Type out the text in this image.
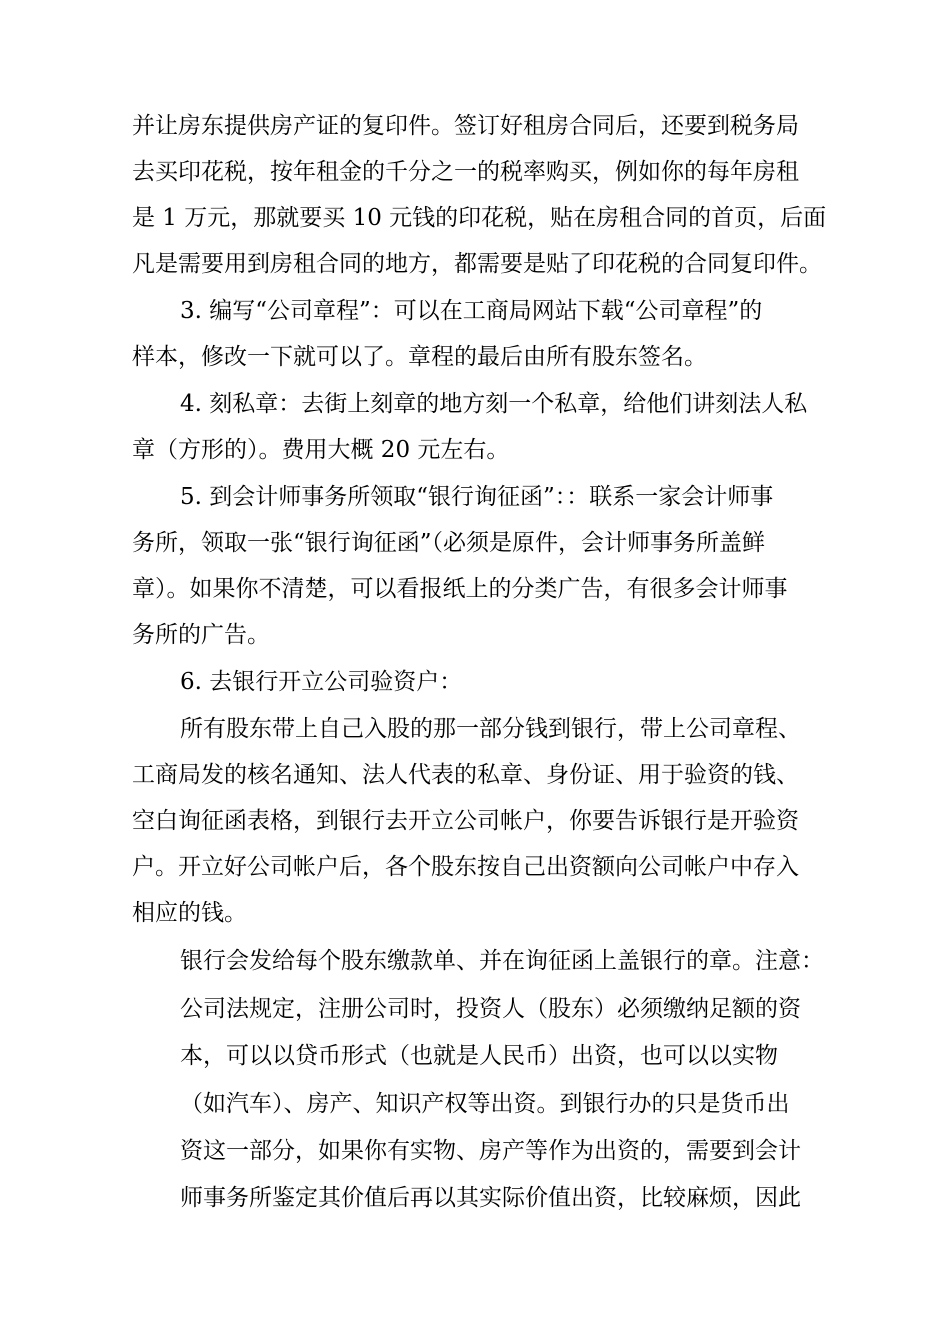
并让房东提供房产证的复印件。签订好租房合同后，还要到税务局
去买印花税，按年租金的千分之一的税率购买，例如你的每年房租
是 1 万元，那就要买 10 元钱的印花税，贴在房租合同的首页，后面
凡是需要用到房租合同的地方，都需要是贴了印花税的合同复印件。
3. 编写“公司章程”：可以在工商局网站下载“公司章程”的
样本，修改一下就可以了。章程的最后由所有股东签名。
4. 刻私章：去街上刻章的地方刻一个私章，给他们讲刻法人私
章（方形的）。费用大概 20 元左右。
5. 到会计师事务所领取“银行询征函”：：联系一家会计师事
务所，领取一张“银行询征函”（必须是原件，会计师事务所盖鲜
章）。如果你不清楚，可以看报纸上的分类广告，有很多会计师事
务所的广告。
6. 去银行开立公司验资户：
所有股东带上自己入股的那一部分钱到银行，带上公司章程、
工商局发的核名通知、法人代表的私章、身份证、用于验资的钱、
空白询征函表格，到银行去开立公司帐户，你要告诉银行是开验资
户。开立好公司帐户后，各个股东按自己出资额向公司帐户中存入
相应的钱。
银行会发给每个股东缴款单、并在询征函上盖银行的章。注意：
公司法规定，注册公司时，投资人（股东）必须缴纳足额的资
本，可以以贷币形式（也就是人民币）出资，也可以以实物
（如汽车）、房产、知识产权等出资。到银行办的只是货币出
资这一部分，如果你有实物、房产等作为出资的，需要到会计
师事务所鉴定其价值后再以其实际价值出资，比较麻烦，因此
